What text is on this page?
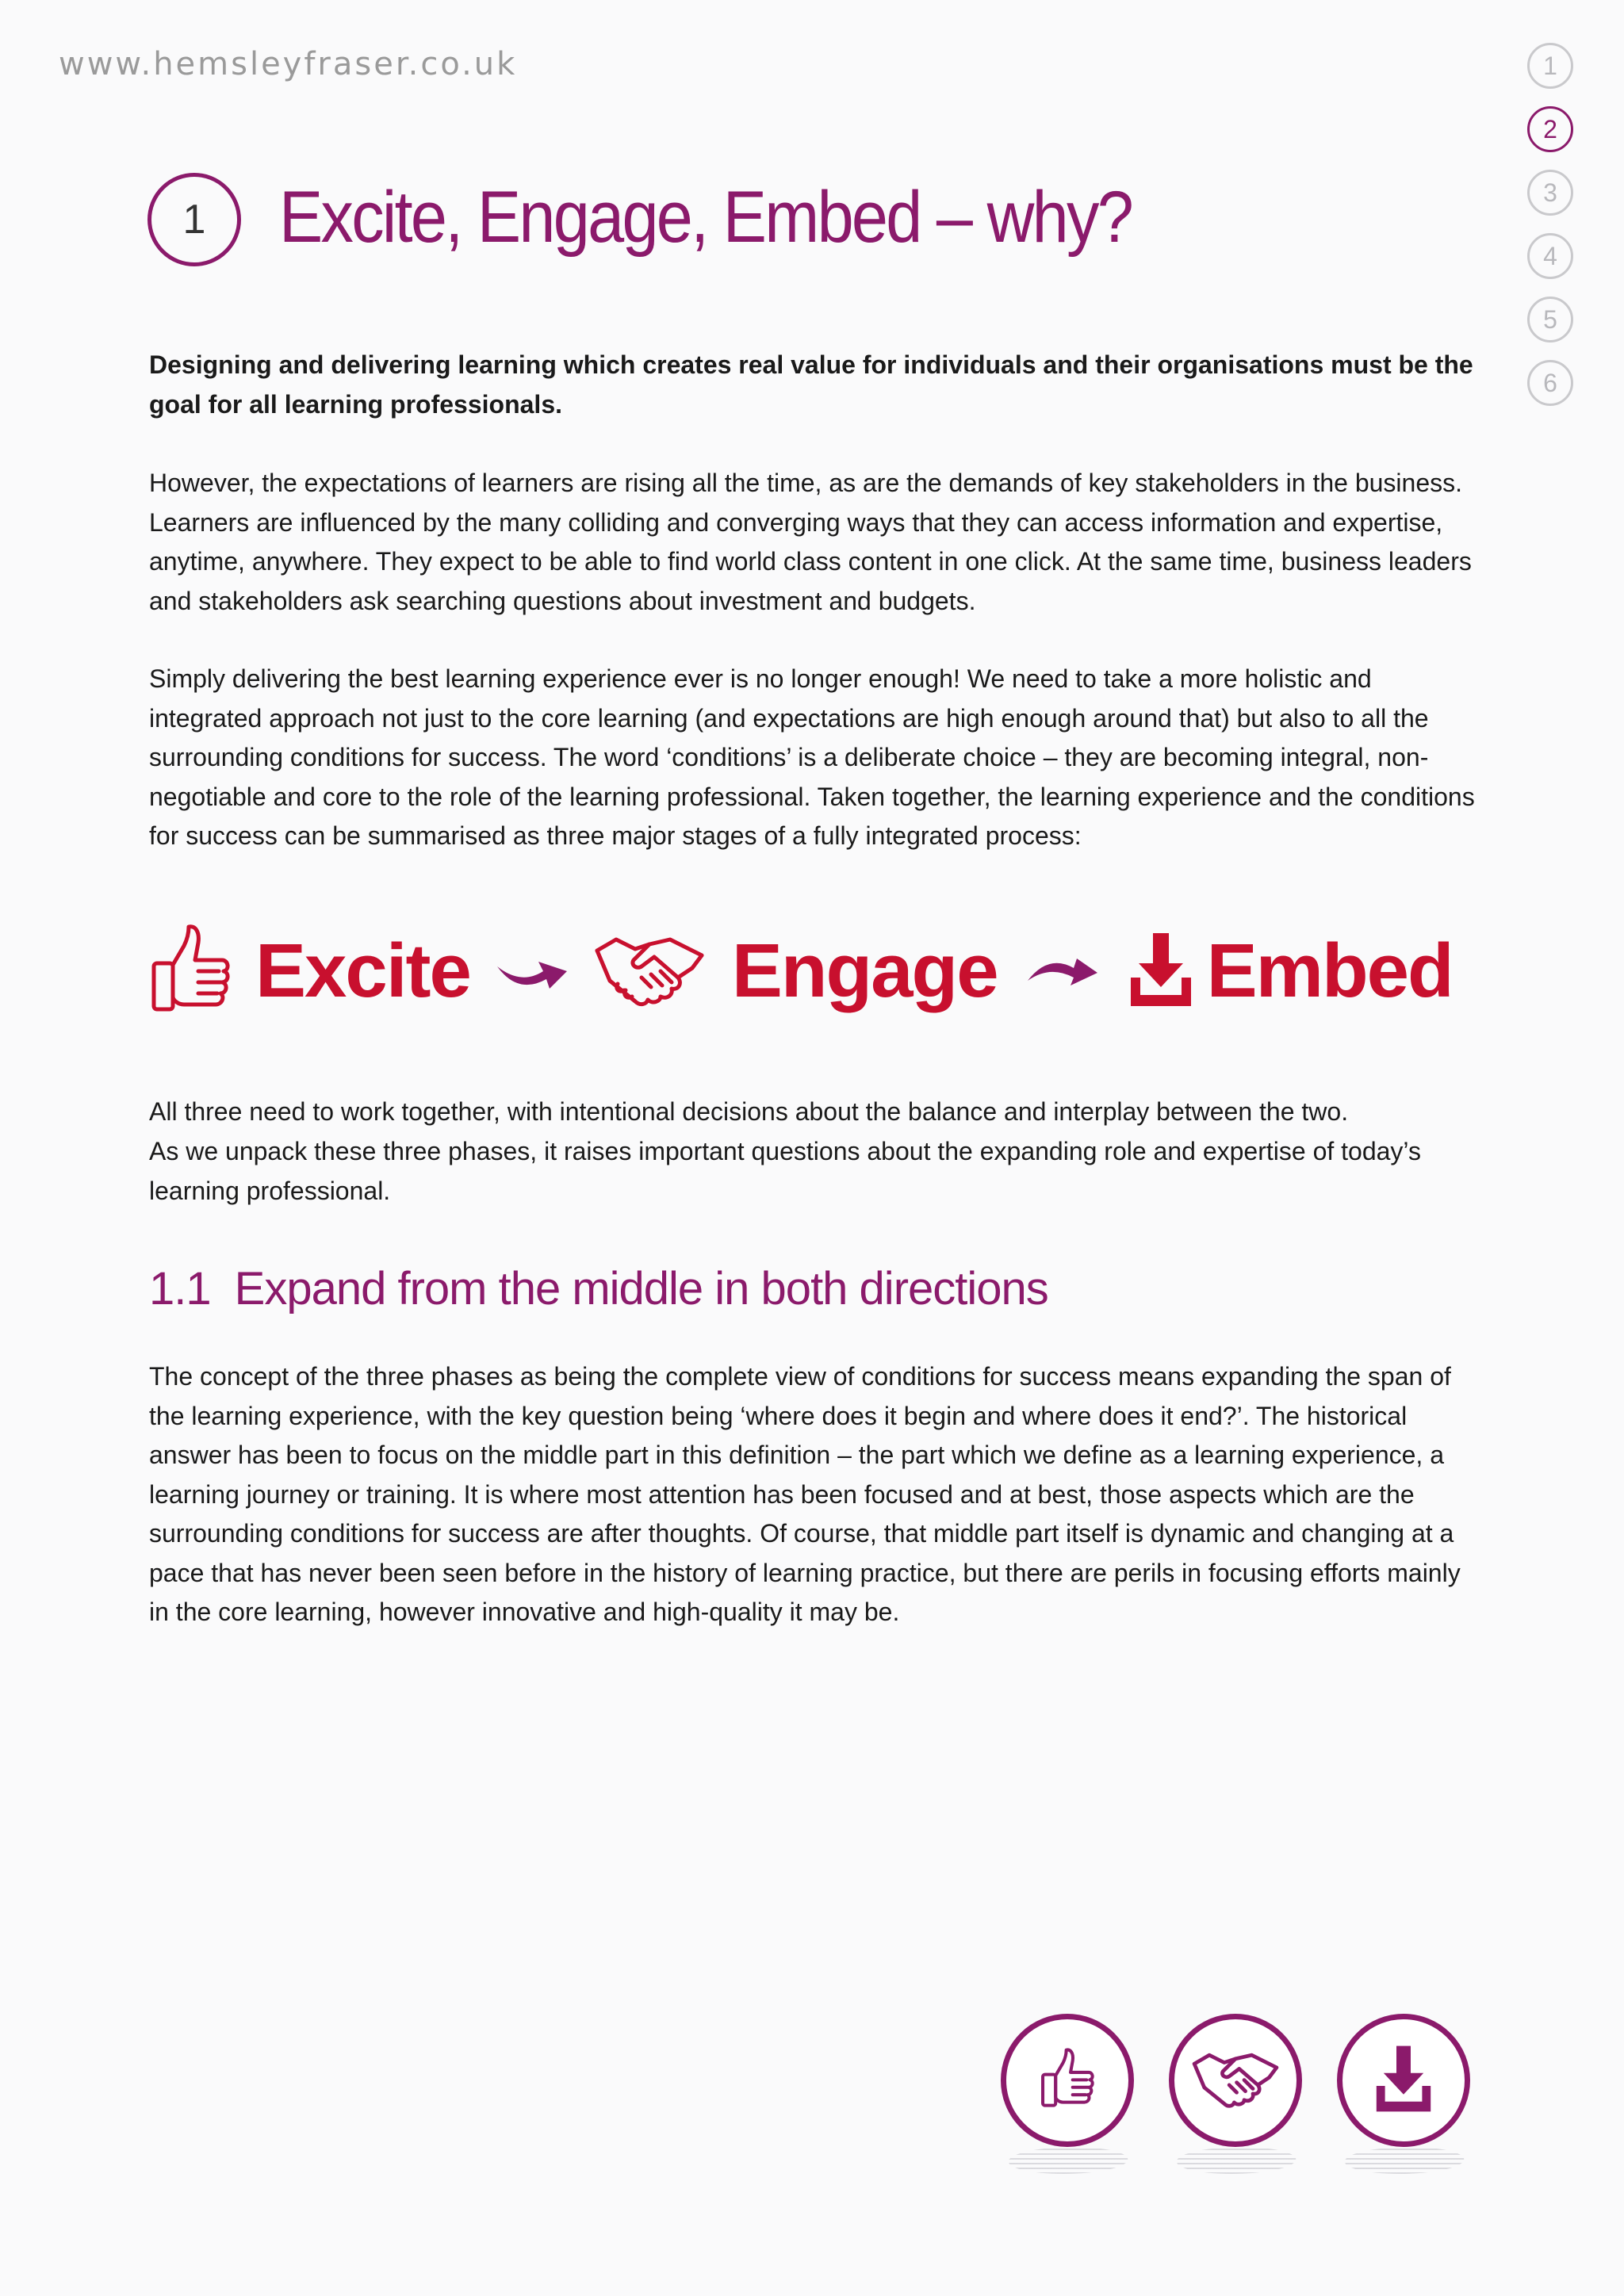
www.hemsleyfraser.co.uk	1
2
3
4
5
6
1	Excite, Engage, Embed – why?

Designing and delivering learning which creates real value for individuals and their organisations must be the goal for all learning professionals.

However, the expectations of learners are rising all the time, as are the demands of key stakeholders in the business. Learners are influenced by the many colliding and converging ways that they can access information and expertise, anytime, anywhere. They expect to be able to find world class content in one click. At the same time, business leaders and stakeholders ask searching questions about investment and budgets.

Simply delivering the best learning experience ever is no longer enough! We need to take a more holistic and integrated approach not just to the core learning (and expectations are high enough around that) but also to all the surrounding conditions for success. The word ‘conditions’ is a deliberate choice – they are becoming integral, non-negotiable and core to the role of the learning professional. Taken together, the learning experience and the conditions for success can be summarised as three major stages of a fully integrated process:

Excite	Engage	Embed

All three need to work together, with intentional decisions about the balance and interplay between the two.

As we unpack these three phases, it raises important questions about the expanding role and expertise of today’s learning professional.

1.1 Expand from the middle in both directions

The concept of the three phases as being the complete view of conditions for success means expanding the span of the learning experience, with the key question being ‘where does it begin and where does it end?’. The historical answer has been to focus on the middle part in this definition – the part which we define as a learning experience, a learning journey or training. It is where most attention has been focused and at best, those aspects which are the surrounding conditions for success are after thoughts. Of course, that middle part itself is dynamic and changing at a pace that has never been seen before in the history of learning practice, but there are perils in focusing efforts mainly in the core learning, however innovative and high-quality it may be.
